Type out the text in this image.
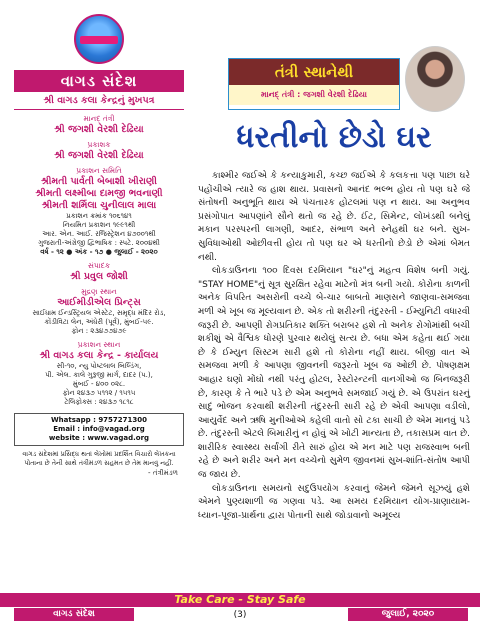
વાગડ સંદેશ
શ્રી વાગડ કલા કેન્દ્રનું મુખપત્ર
માનદ્ તંત્રી
શ્રી જગશી વેરશી દેઢિયા
પ્રકાશક
શ્રી જગશી વેરશી દેઢિયા
પ્રકાશન સમિતિ
શ્રીમતી પાર્વતી બેબાશી ખીરાણી
શ્રીમતી લક્ષ્મીબા દામજી ભવનાણી
શ્રીમતી શર્મિલા ચુનીલાલ માલા
પ્રકાશન ક્રમાંક ૧૦૬૧૪૧
નિયમિત પ્રકાશન ૧૯૯૧થી
આર. એન. આઈ. રજિસ્ટ્રેશન ૪૭૦૦૧થી
ગુજરાતી-અંગ્રેજી દ્વિભાષિક : સ્પટે. ૨૦૦૪થી
વર્ષ - ૧૨ ● અંક - ૧૭ ● જુલાઈ - ૨૦૨૦
સંપાદક
શ્રી પ્રવુલ જોશી
મુદ્રણ સ્થાન
આઈમીડીએલ પ્રિન્ટ્સ
સાઈધામ ઈન્ડસ્ટ્રિયલ એસ્ટેટ, સમૃદ્ધ મંદિર રોડ,
કોંડીવિટા લેન, અંધેરી (પૂર્વ), મુંબઈ-૫૯.
ફોન : ૨૩૪૭૭૪૭૯
પ્રકાશન સ્થાન
શ્રી વાગડ કલા કેન્દ્ર - કાર્યાલય
સી-૧૦, ન્યુ પોષ્ટલાલ બિલ્ડિંગ,
પી. એલ. કાલે ગુરૂજી માર્ગ, દાદર (પ.),
મુંબઈ - ૪૦૦ ૦૨૮.
ફોન ૨૪૩૭ ૫૧૧૨ / ૧૫૧૫
ટેલિફોક્સ : ૨૪૩૭ ૧૮૧૮
Whatsapp : 9757271300
Email : info@vagad.org
website : www.vagad.org
વાગડ સંદેશમાં પ્રસિદ્ધ થતાં લેખોમાં પ્રદર્શિત વિચારો લેખકના પોતાના છે તેની સાથે તંત્રીમંડળ સહમત છે તેમ માનવું નહીં.
- તંત્રીમંડળ
તંત્રી સ્થાનેથી
માનદ્ તંત્રી : જગશી વેરશી દેઢિયા
ધરતીનો છેડો ઘર

કાશ્મીર જઈએ કે કન્યાકુમારી, કચ્છ જઈએ કે કલકત્તા પણ પાછા ઘરે પહોંચીએ ત્યારે જ હાશ થાય. પ્રવાસનો આનંદ ભલ્ભ હોય તો પણ ઘરે જે સંતોષની અનુભૂતિ થાય એ પંચતારક હોટલમાં પણ ન થાય. આ અનુભવ પ્રસંગોપાત આપણાંને સૌને થતો જ રહે છે. ઈંટ, સિમેન્ટ, લોખંડથી બનેલું મકાન પરસ્પરની લાગણી, આદર, સંભાળ અને સ્નેહથી ઘર બને. સુખ-સુવિધાઓથી ઓછીવત્તી હોય તો પણ ઘર એ ધરતીનો છેડો છે એમાં બેમત નથી.

લોકડાઉનના ૧૦૦ દિવસ દરમિયાન "ઘર"નું મહત્વ વિશેષ બની ગયું. "STAY HOME"નું સૂત્ર સુરક્ષિત રહેવા માટેનો મંત્ર બની ગયો. કોરોના કાળની અનેક વિપરિત અસરોની વચ્ચે બે-ચાર બાબતો માણસને જાણવા-સમજવા મળી એ ખૂબ જ મૂલ્યવાન છે. એક તો શરીરની તંદુરસ્તી - ઈમ્યુનિટી વધારવી જરૂરી છે. આપણી રોગપ્રતિકાર શક્તિ બરાબર હશે તો અનેક રોગોમાંથી બચી શકીશું એ વૈશ્વિક ધોરણે પુરવાર થયેલું સત્ય છે. બધા એમ કહેતા થઈ ગયા છે કે ઈમ્યુન સિસ્ટમ સારી હશે તો કોરોના નહીં થાય. બીજી વાત એ સમજવા મળી કે આપણા જીવનની જરૂરતો ખૂબ જ ઓછી છે. પોષણક્ષમ આહાર ઘણો મોંઘો નથી પરંતુ હોટલ, રેસ્ટોરન્ટની વાનગીઓ જ બિનજરૂરી છે, કારણ કે તે ભારે પડે છે એમ અનુભવે સમજાઈ ગયું છે. એ ઉપરાંત ઘરનું સાદું ભોજન કરવાથી શરીરની તંદુરસ્તી સારી રહે છે એવી આપણા વડીલો, આયુર્વેદ અને ઋષિ મુનીઓએ કહેલી વાતો સો ટકા સાચી છે એમ માનવું પડે છે. તંદુરસ્તી એટલે બિમારીનું ન હોવું એ ખોટી માન્યતા છે, તકાસપ્રમ વાત છે. શારીરિક સ્વાસ્થ્ય સર્વાંગી રીતે સારું હોય એ મન માટે પણ રાજસ્વાભ બની રહે છે અને શરીર અને મન વચ્ચેનો સુમેળ જીવનમાં સુખ-શાંતિ-સંતોષ આપી જ જાય છે.

લોકડાઉનના સમયનો સદુઉપયોગ કરવાનું જેમને જેમને સૂઝયું હશે એમને પુણ્યશાળી જ ગણવા પડે. આ સમય દરમિયાન યોગ-પ્રાણાયામ-ધ્યાન-પૂજા-પ્રાર્થના દ્વારા પોતાની સાથે જોડાવાનો અમૂલ્ય

Take Care - Stay Safe
વાગડ સંદેશ	(3)	જુલાઈ, ૨૦૨૦
